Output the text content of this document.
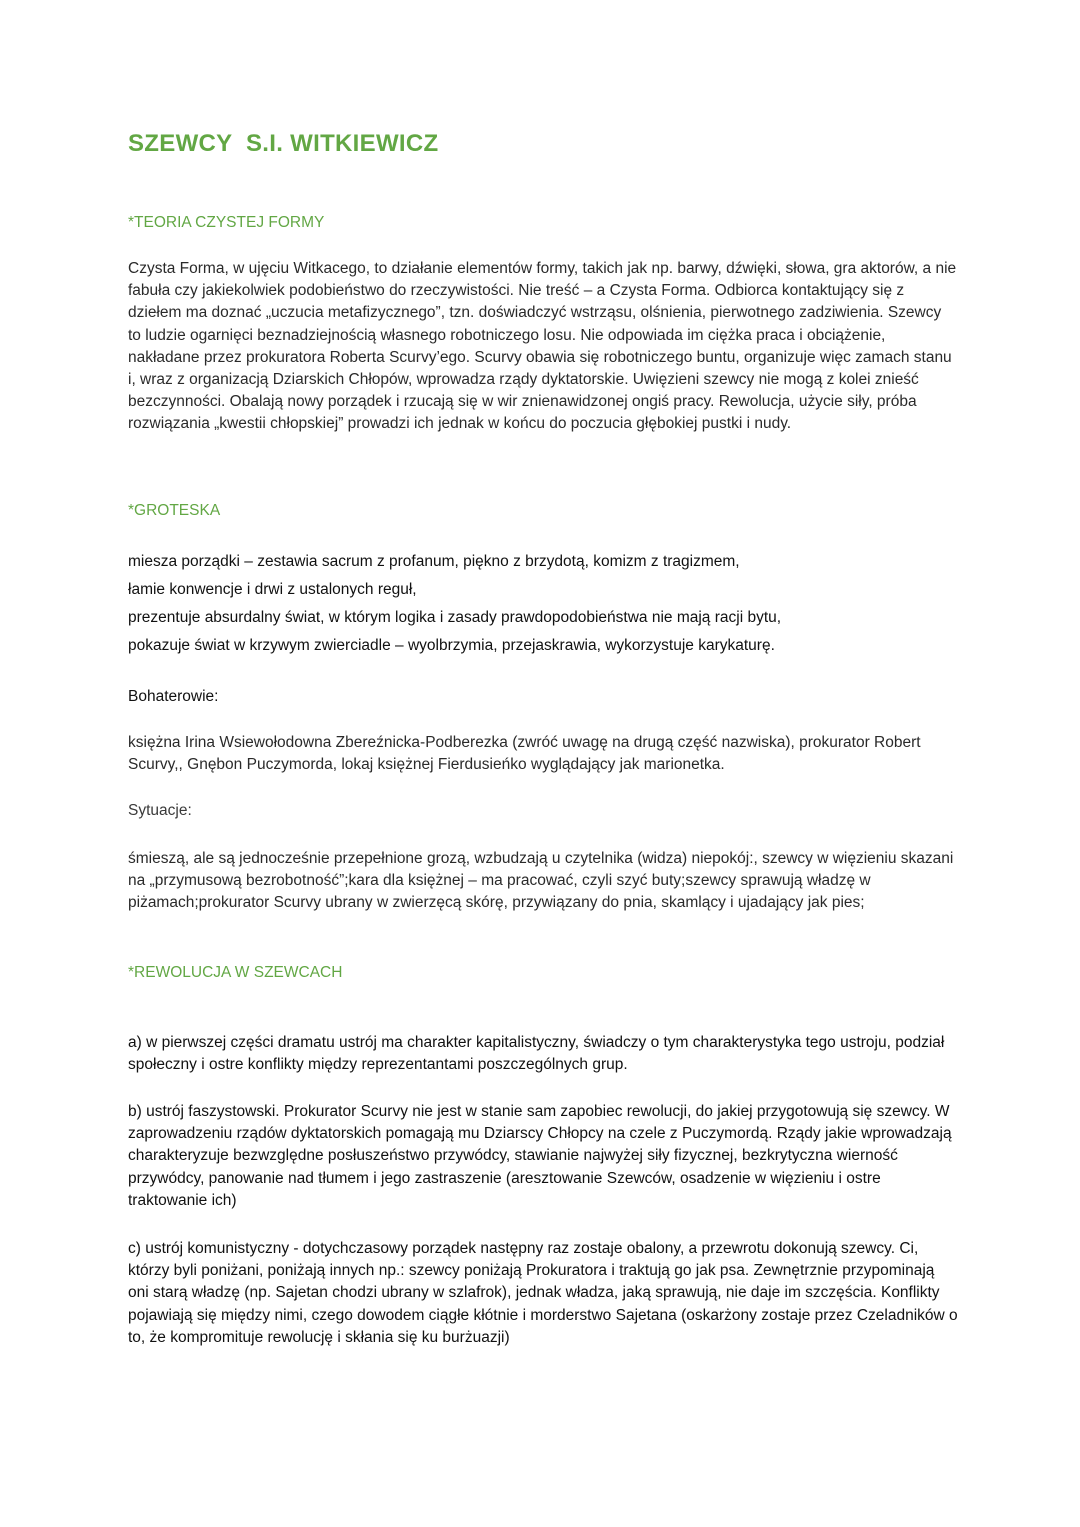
SZEWCY  S.I. WITKIEWICZ
*TEORIA CZYSTEJ FORMY

Czysta Forma, w ujęciu Witkacego, to działanie elementów formy, takich jak np. barwy, dźwięki, słowa, gra aktorów, a nie fabuła czy jakiekolwiek podobieństwo do rzeczywistości. Nie treść – a Czysta Forma. Odbiorca kontaktujący się z dziełem ma doznać „uczucia metafizycznego”, tzn. doświadczyć wstrząsu, olśnienia, pierwotnego zadziwienia. Szewcy to ludzie ogarnięci beznadziejnością własnego robotniczego losu. Nie odpowiada im ciężka praca i obciążenie, nakładane przez prokuratora Roberta Scurvy’ego. Scurvy obawia się robotniczego buntu, organizuje więc zamach stanu i, wraz z organizacją Dziarskich Chłopów, wprowadza rządy dyktatorskie. Uwięzieni szewcy nie mogą z kolei znieść bezczynności. Obalają nowy porządek i rzucają się w wir znienawidzonej ongiś pracy. Rewolucja, użycie siły, próba rozwiązania „kwestii chłopskiej” prowadzi ich jednak w końcu do poczucia głębokiej pustki i nudy.

*GROTESKA
miesza porządki – zestawia sacrum z profanum, piękno z brzydotą, komizm z tragizmem,
łamie konwencje i drwi z ustalonych reguł,
prezentuje absurdalny świat, w którym logika i zasady prawdopodobieństwa nie mają racji bytu,
pokazuje świat w krzywym zwierciadle – wyolbrzymia, przejaskrawia, wykorzystuje karykaturę.

Bohaterowie:

księżna Irina Wsiewołodowna Zbereźnicka-Podberezka (zwróć uwagę na drugą część nazwiska), prokurator Robert Scurvy,, Gnębon Puczymorda, lokaj księżnej Fierdusieńko wyglądający jak marionetka.

Sytuacje:

śmieszą, ale są jednocześnie przepełnione grozą, wzbudzają u czytelnika (widza) niepokój:, szewcy w więzieniu skazani na „przymusową bezrobotność”;kara dla księżnej – ma pracować, czyli szyć buty;szewcy sprawują władzę w piżamach;prokurator Scurvy ubrany w zwierzęcą skórę, przywiązany do pnia, skamlący i ujadający jak pies;

*REWOLUCJA W SZEWCACH

a) w pierwszej części dramatu ustrój ma charakter kapitalistyczny, świadczy o tym charakterystyka tego ustroju, podział społeczny i ostre konflikty między reprezentantami poszczególnych grup.

b) ustrój faszystowski. Prokurator Scurvy nie jest w stanie sam zapobiec rewolucji, do jakiej przygotowują się szewcy. W zaprowadzeniu rządów dyktatorskich pomagają mu Dziarscy Chłopcy na czele z Puczymordą. Rządy jakie wprowadzają charakteryzuje bezwzględne posłuszeństwo przywódcy, stawianie najwyżej siły fizycznej, bezkrytyczna wierność przywódcy, panowanie nad tłumem i jego zastraszenie (aresztowanie Szewców, osadzenie w więzieniu i ostre traktowanie ich)

c) ustrój komunistyczny - dotychczasowy porządek następny raz zostaje obalony, a przewrotu dokonują szewcy. Ci, którzy byli poniżani, poniżają innych np.: szewcy poniżają Prokuratora i traktują go jak psa. Zewnętrznie przypominają oni starą władzę (np. Sajetan chodzi ubrany w szlafrok), jednak władza, jaką sprawują, nie daje im szczęścia. Konflikty pojawiają się między nimi, czego dowodem ciągłe kłótnie i morderstwo Sajetana (oskarżony zostaje przez Czeladników o to, że kompromituje rewolucję i skłania się ku burżuazji)
